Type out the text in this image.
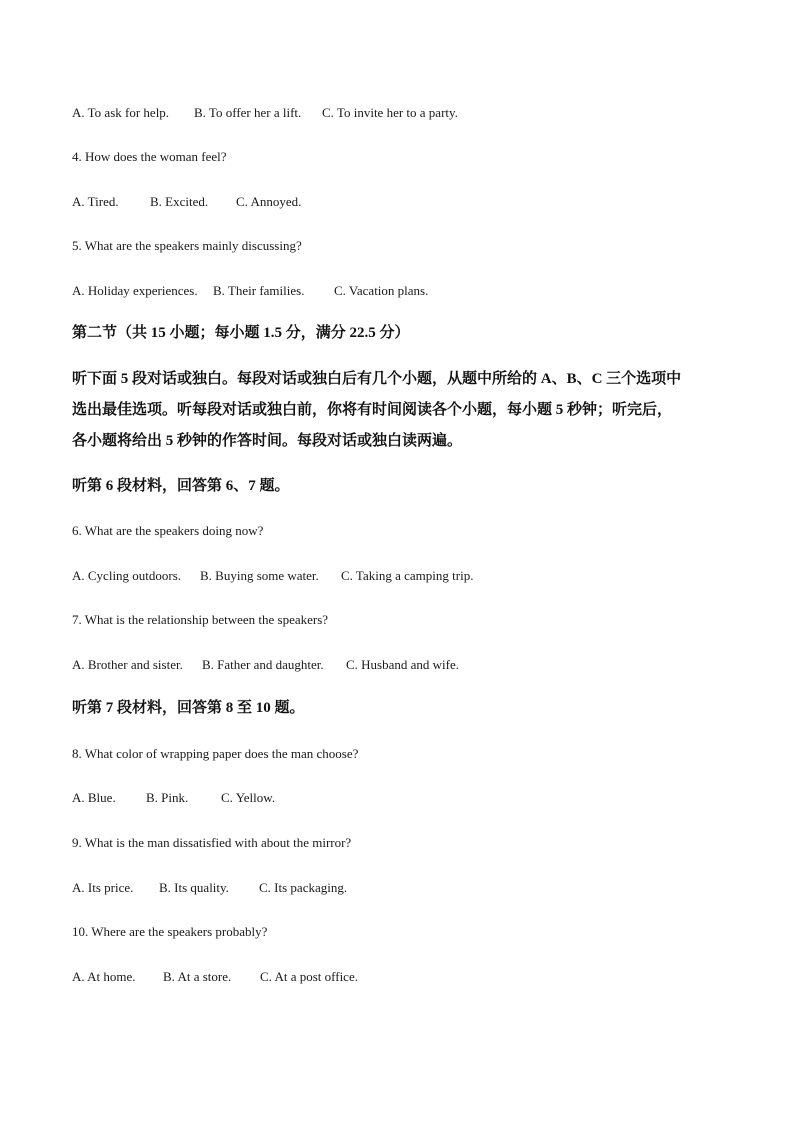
A. To ask for help. B. To offer her a lift. C. To invite her to a party.
4. How does the woman feel?
A. Tired. B. Excited. C. Annoyed.
5. What are the speakers mainly discussing?
A. Holiday experiences. B. Their families. C. Vacation plans.
第二节（共 15 小题；每小题 1.5 分，满分 22.5 分）
听下面 5 段对话或独白。每段对话或独白后有几个小题，从题中所给的 A、B、C 三个选项中
选出最佳选项。听每段对话或独白前，你将有时间阅读各个小题，每小题 5 秒钟；听完后，
各小题将给出 5 秒钟的作答时间。每段对话或独白读两遍。
听第 6 段材料，回答第 6、7 题。
6. What are the speakers doing now?
A. Cycling outdoors. B. Buying some water. C. Taking a camping trip.
7. What is the relationship between the speakers?
A. Brother and sister. B. Father and daughter. C. Husband and wife.
听第 7 段材料，回答第 8 至 10 题。
8. What color of wrapping paper does the man choose?
A. Blue. B. Pink.	C. Yellow.
9. What is the man dissatisfied with about the mirror?
A. Its price. B. Its quality. C. Its packaging.
10. Where are the speakers probably?
A. At home. B. At a store. C. At a post office.
